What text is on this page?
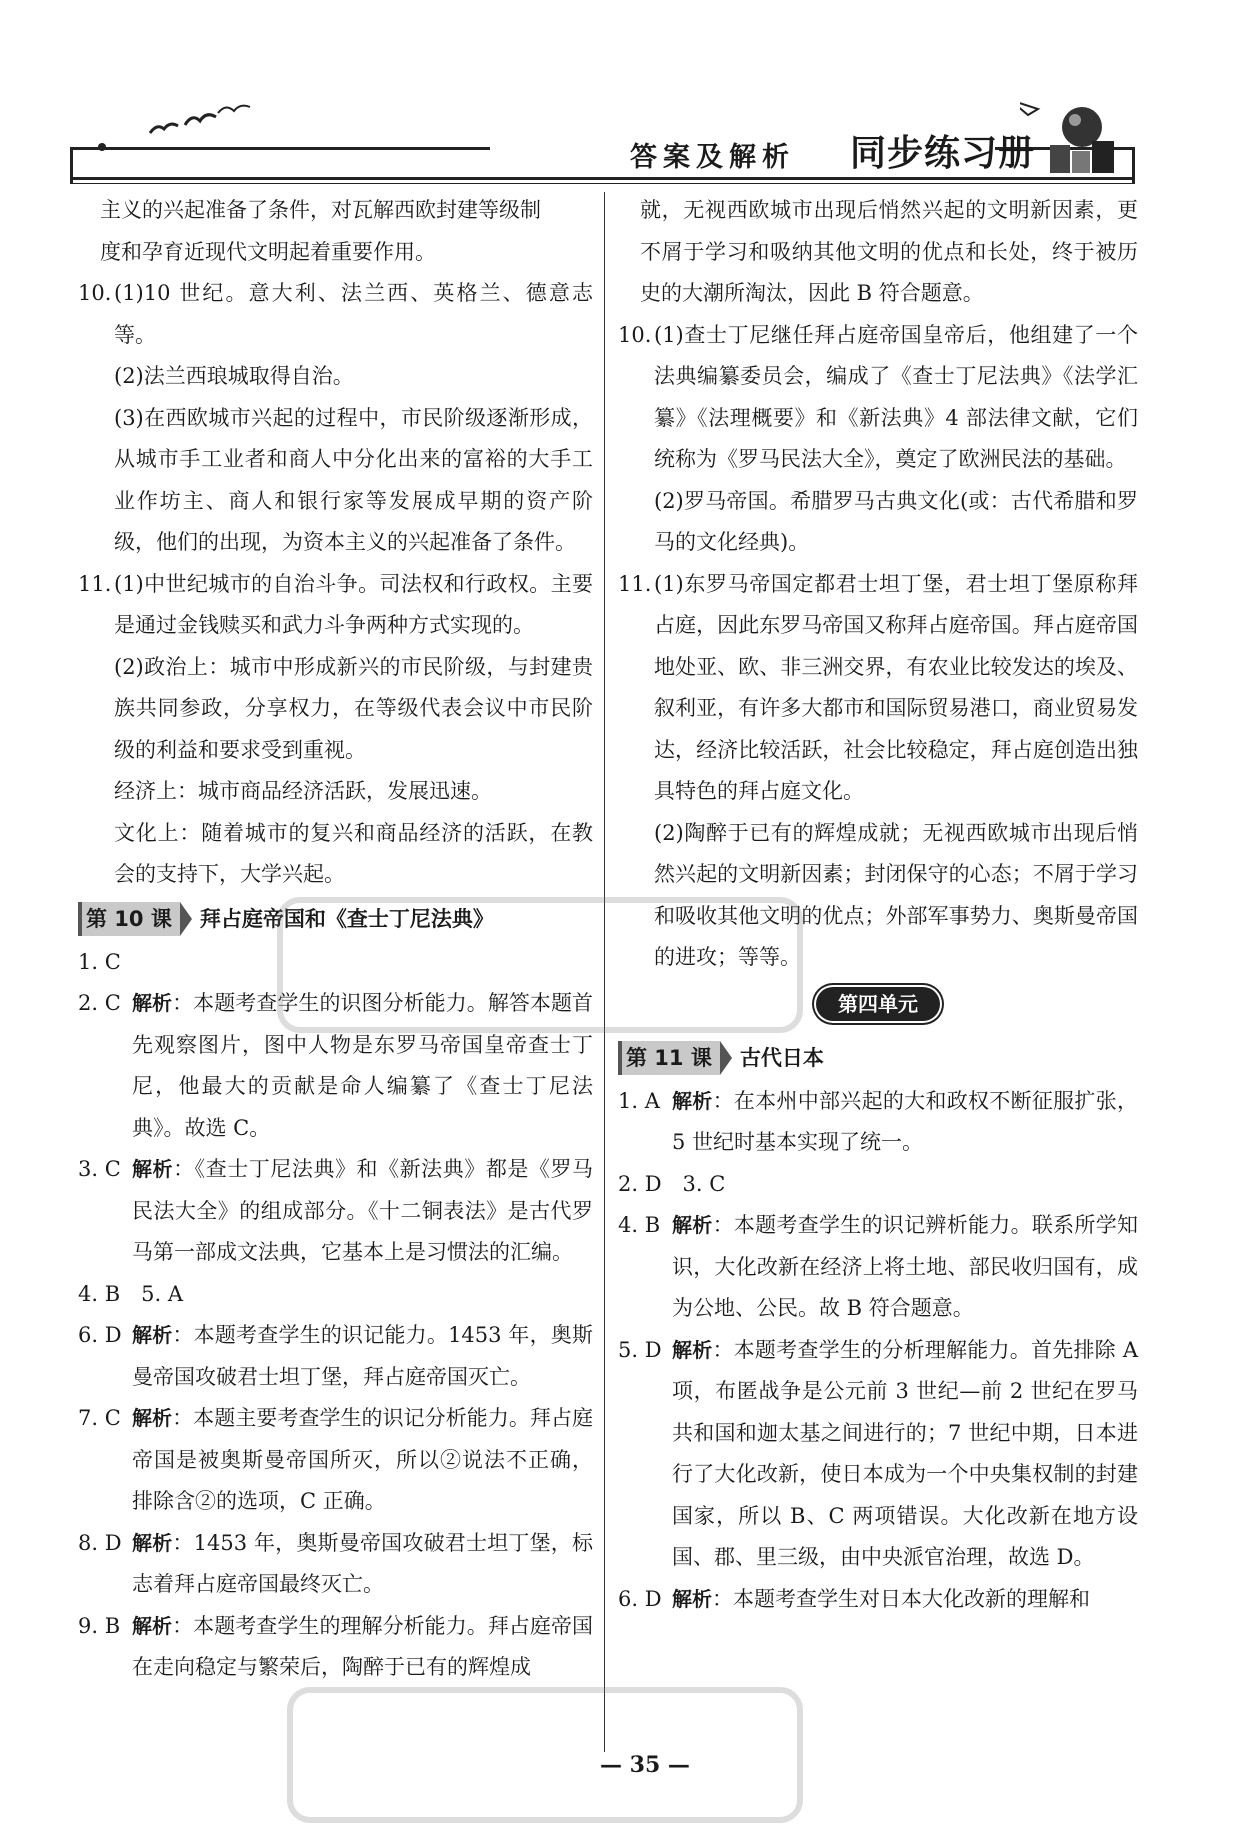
答案及解析 同步练习册
主义的兴起准备了条件，对瓦解西欧封建等级制
度和孕育近现代文明起着重要作用。
10. (1)10 世纪。意大利、法兰西、英格兰、德意志等。
(2)法兰西琅城取得自治。
(3)在西欧城市兴起的过程中，市民阶级逐渐形成，从城市手工业者和商人中分化出来的富裕的大手工业作坊主、商人和银行家等发展成早期的资产阶级，他们的出现，为资本主义的兴起准备了条件。
11. (1)中世纪城市的自治斗争。司法权和行政权。主要是通过金钱赎买和武力斗争两种方式实现的。
(2)政治上：城市中形成新兴的市民阶级，与封建贵族共同参政，分享权力，在等级代表会议中市民阶级的利益和要求受到重视。
经济上：城市商品经济活跃，发展迅速。
文化上：随着城市的复兴和商品经济的活跃，在教会的支持下，大学兴起。
第 10 课 拜占庭帝国和《查士丁尼法典》
1. C
2. C 解析：本题考查学生的识图分析能力。解答本题首先观察图片，图中人物是东罗马帝国皇帝查士丁尼，他最大的贡献是命人编纂了《查士丁尼法典》。故选 C。
3. C 解析：《查士丁尼法典》和《新法典》都是《罗马民法大全》的组成部分。《十二铜表法》是古代罗马第一部成文法典，它基本上是习惯法的汇编。
4. B　5. A
6. D 解析：本题考查学生的识记能力。1453 年，奥斯曼帝国攻破君士坦丁堡，拜占庭帝国灭亡。
7. C 解析：本题主要考查学生的识记分析能力。拜占庭帝国是被奥斯曼帝国所灭，所以②说法不正确，排除含②的选项，C 正确。
8. D 解析：1453 年，奥斯曼帝国攻破君士坦丁堡，标志着拜占庭帝国最终灭亡。
9. B 解析：本题考查学生的理解分析能力。拜占庭帝国在走向稳定与繁荣后，陶醉于已有的辉煌成
就，无视西欧城市出现后悄然兴起的文明新因素，更不屑于学习和吸纳其他文明的优点和长处，终于被历史的大潮所淘汰，因此 B 符合题意。
10. (1)查士丁尼继任拜占庭帝国皇帝后，他组建了一个法典编纂委员会，编成了《查士丁尼法典》《法学汇纂》《法理概要》和《新法典》4 部法律文献，它们统称为《罗马民法大全》，奠定了欧洲民法的基础。
(2)罗马帝国。希腊罗马古典文化(或：古代希腊和罗马的文化经典)。
11. (1)东罗马帝国定都君士坦丁堡，君士坦丁堡原称拜占庭，因此东罗马帝国又称拜占庭帝国。拜占庭帝国地处亚、欧、非三洲交界，有农业比较发达的埃及、叙利亚，有许多大都市和国际贸易港口，商业贸易发达，经济比较活跃，社会比较稳定，拜占庭创造出独具特色的拜占庭文化。
(2)陶醉于已有的辉煌成就；无视西欧城市出现后悄然兴起的文明新因素；封闭保守的心态；不屑于学习和吸收其他文明的优点；外部军事势力、奥斯曼帝国的进攻；等等。
第四单元
第 11 课 古代日本
1. A 解析：在本州中部兴起的大和政权不断征服扩张，5 世纪时基本实现了统一。
2. D　3. C
4. B 解析：本题考查学生的识记辨析能力。联系所学知识，大化改新在经济上将土地、部民收归国有，成为公地、公民。故 B 符合题意。
5. D 解析：本题考查学生的分析理解能力。首先排除 A 项，布匿战争是公元前 3 世纪—前 2 世纪在罗马共和国和迦太基之间进行的；7 世纪中期，日本进行了大化改新，使日本成为一个中央集权制的封建国家，所以 B、C 两项错误。大化改新在地方设国、郡、里三级，由中央派官治理，故选 D。
6. D 解析：本题考查学生对日本大化改新的理解和
— 35 —
